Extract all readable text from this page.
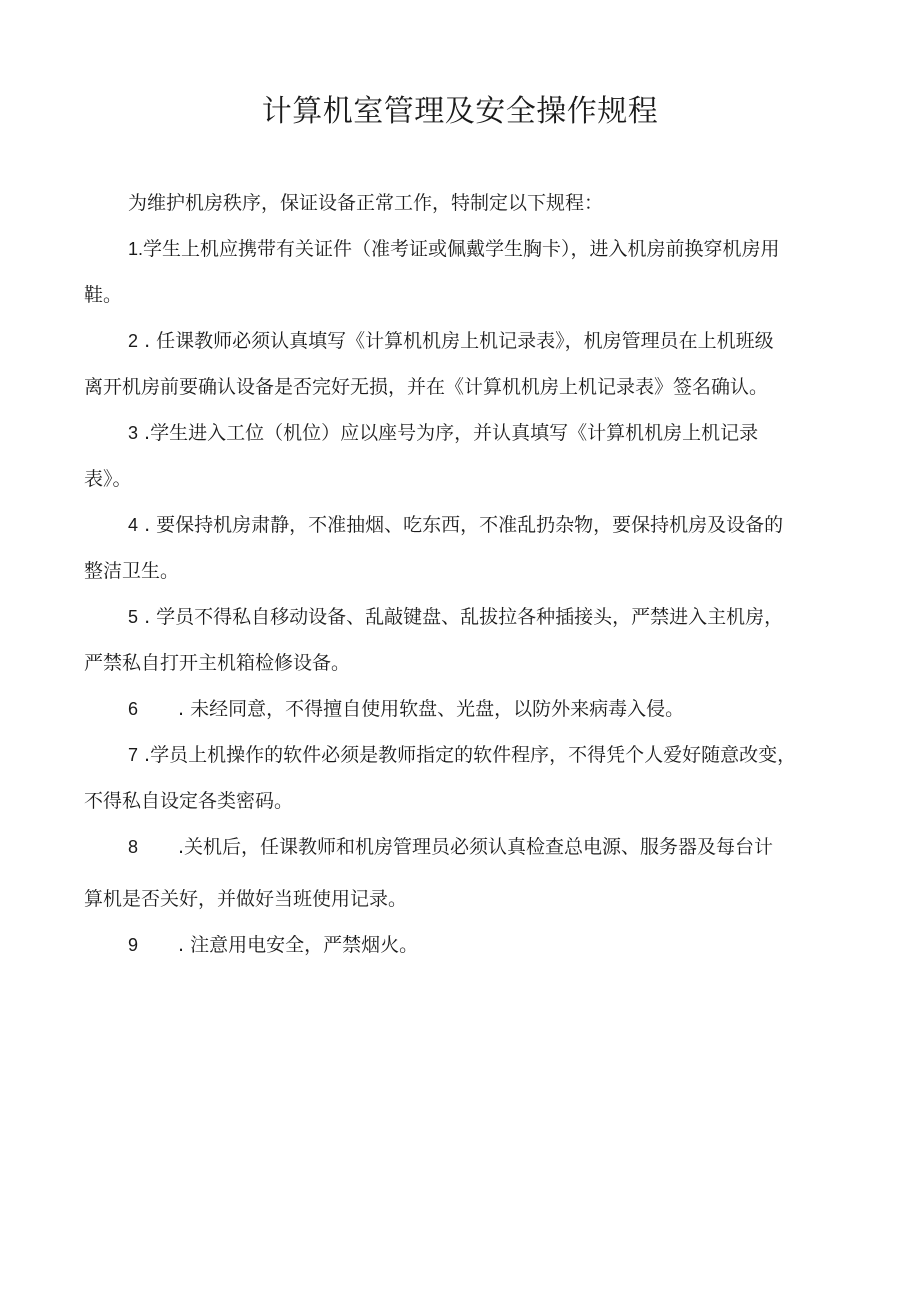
计算机室管理及安全操作规程

为维护机房秩序，保证设备正常工作，特制定以下规程：

1.学生上机应携带有关证件（准考证或佩戴学生胸卡），进入机房前换穿机房用
鞋。

2 . 任课教师必须认真填写《计算机机房上机记录表》，机房管理员在上机班级
离开机房前要确认设备是否完好无损，并在《计算机机房上机记录表》签名确认。

3 .学生进入工位（机位）应以座号为序，并认真填写《计算机机房上机记录
表》。

4 . 要保持机房肃静，不准抽烟、吃东西，不准乱扔杂物，要保持机房及设备的
整洁卫生。

5 . 学员不得私自移动设备、乱敲键盘、乱拔拉各种插接头，严禁进入主机房，
严禁私自打开主机箱检修设备。

6 . 未经同意，不得擅自使用软盘、光盘，以防外来病毒入侵。

7 .学员上机操作的软件必须是教师指定的软件程序，不得凭个人爱好随意改变，
不得私自设定各类密码。

8 .关机后，任课教师和机房管理员必须认真检查总电源、服务器及每台计
算机是否关好，并做好当班使用记录。

9 . 注意用电安全，严禁烟火。
